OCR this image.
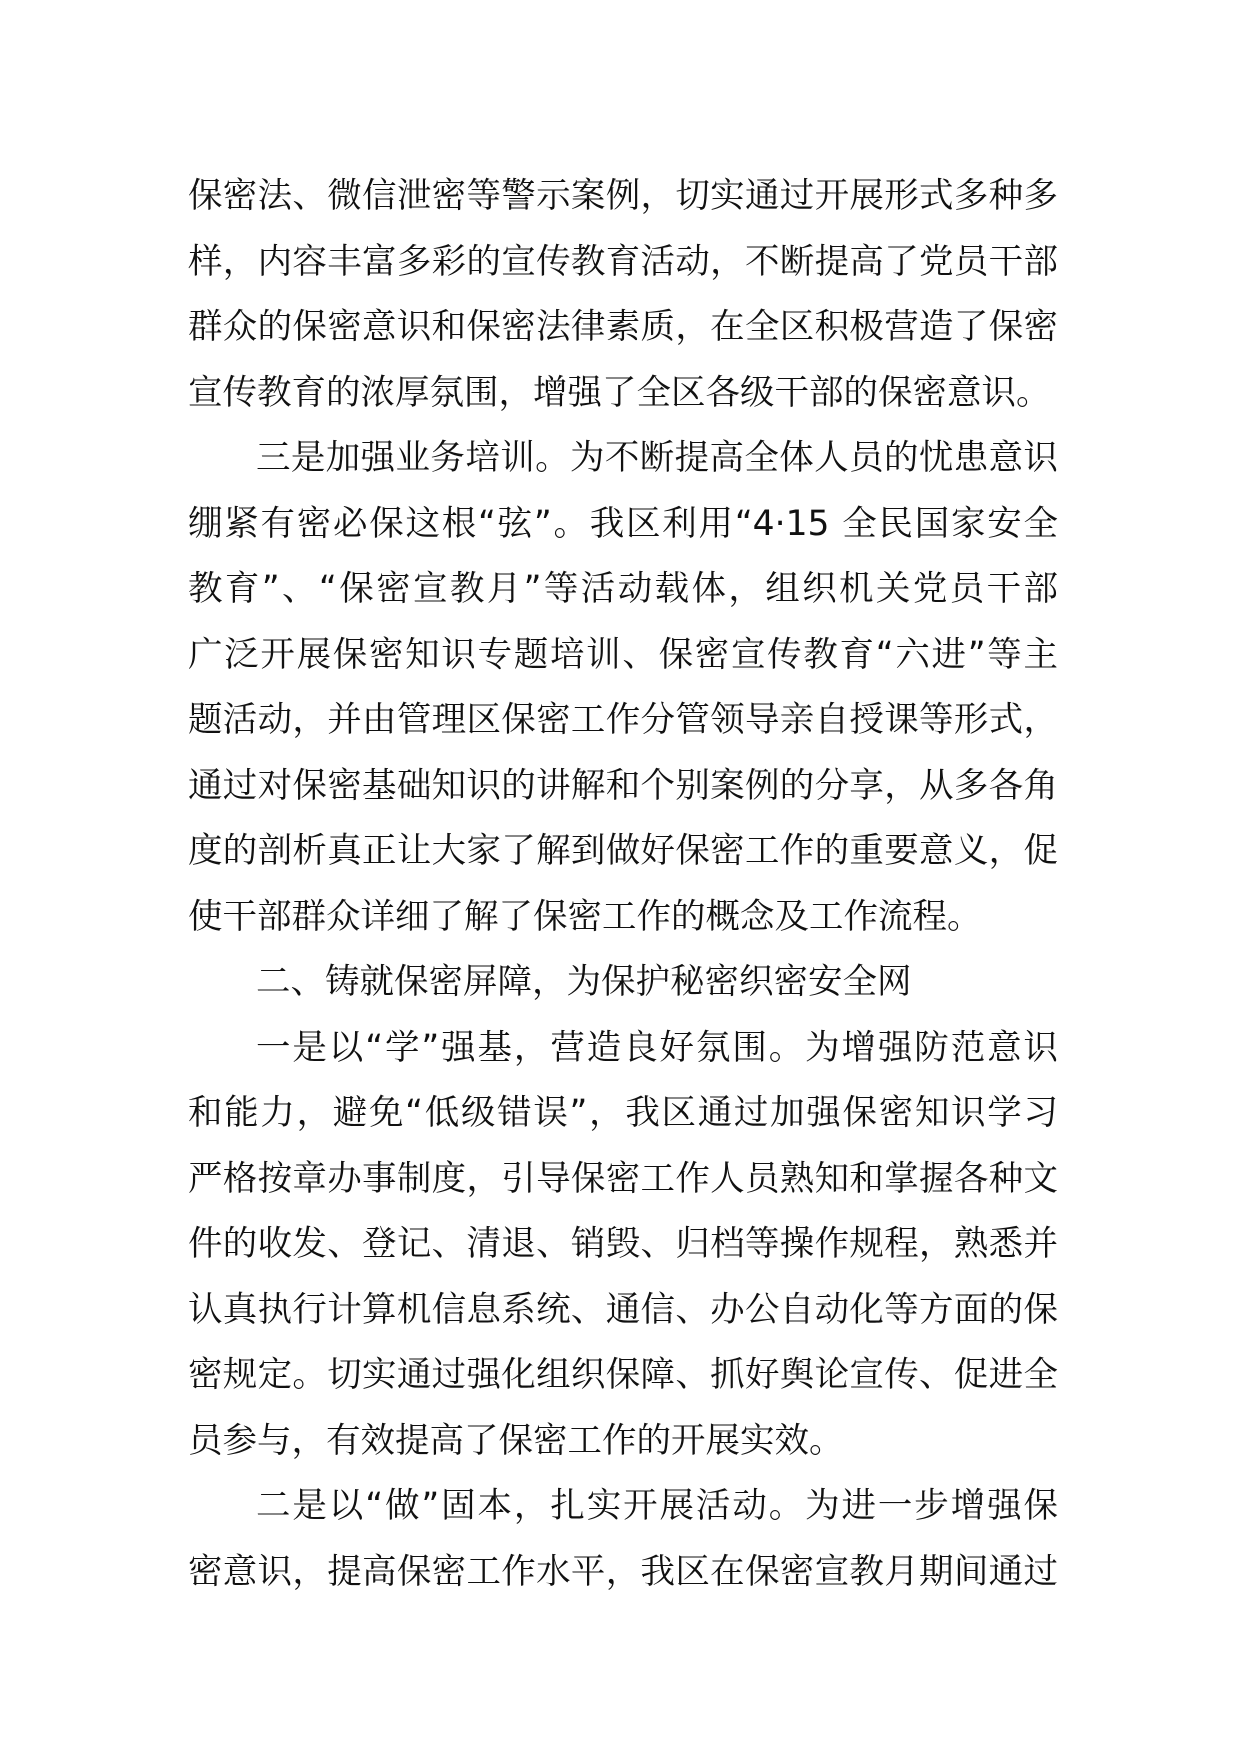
保密法、微信泄密等警示案例，切实通过开展形式多种多
样，内容丰富多彩的宣传教育活动，不断提高了党员干部
群众的保密意识和保密法律素质，在全区积极营造了保密
宣传教育的浓厚氛围，增强了全区各级干部的保密意识。
三是加强业务培训。为不断提高全体人员的忧患意识
绷紧有密必保这根“弦”。我区利用“4·15 全民国家安全
教育”、“保密宣教月”等活动载体，组织机关党员干部
广泛开展保密知识专题培训、保密宣传教育“六进”等主
题活动，并由管理区保密工作分管领导亲自授课等形式，
通过对保密基础知识的讲解和个别案例的分享，从多各角
度的剖析真正让大家了解到做好保密工作的重要意义，促
使干部群众详细了解了保密工作的概念及工作流程。
二、铸就保密屏障，为保护秘密织密安全网
一是以“学”强基，营造良好氛围。为增强防范意识
和能力，避免“低级错误”，我区通过加强保密知识学习
严格按章办事制度，引导保密工作人员熟知和掌握各种文
件的收发、登记、清退、销毁、归档等操作规程，熟悉并
认真执行计算机信息系统、通信、办公自动化等方面的保
密规定。切实通过强化组织保障、抓好舆论宣传、促进全
员参与，有效提高了保密工作的开展实效。
二是以“做”固本，扎实开展活动。为进一步增强保
密意识，提高保密工作水平，我区在保密宣教月期间通过
